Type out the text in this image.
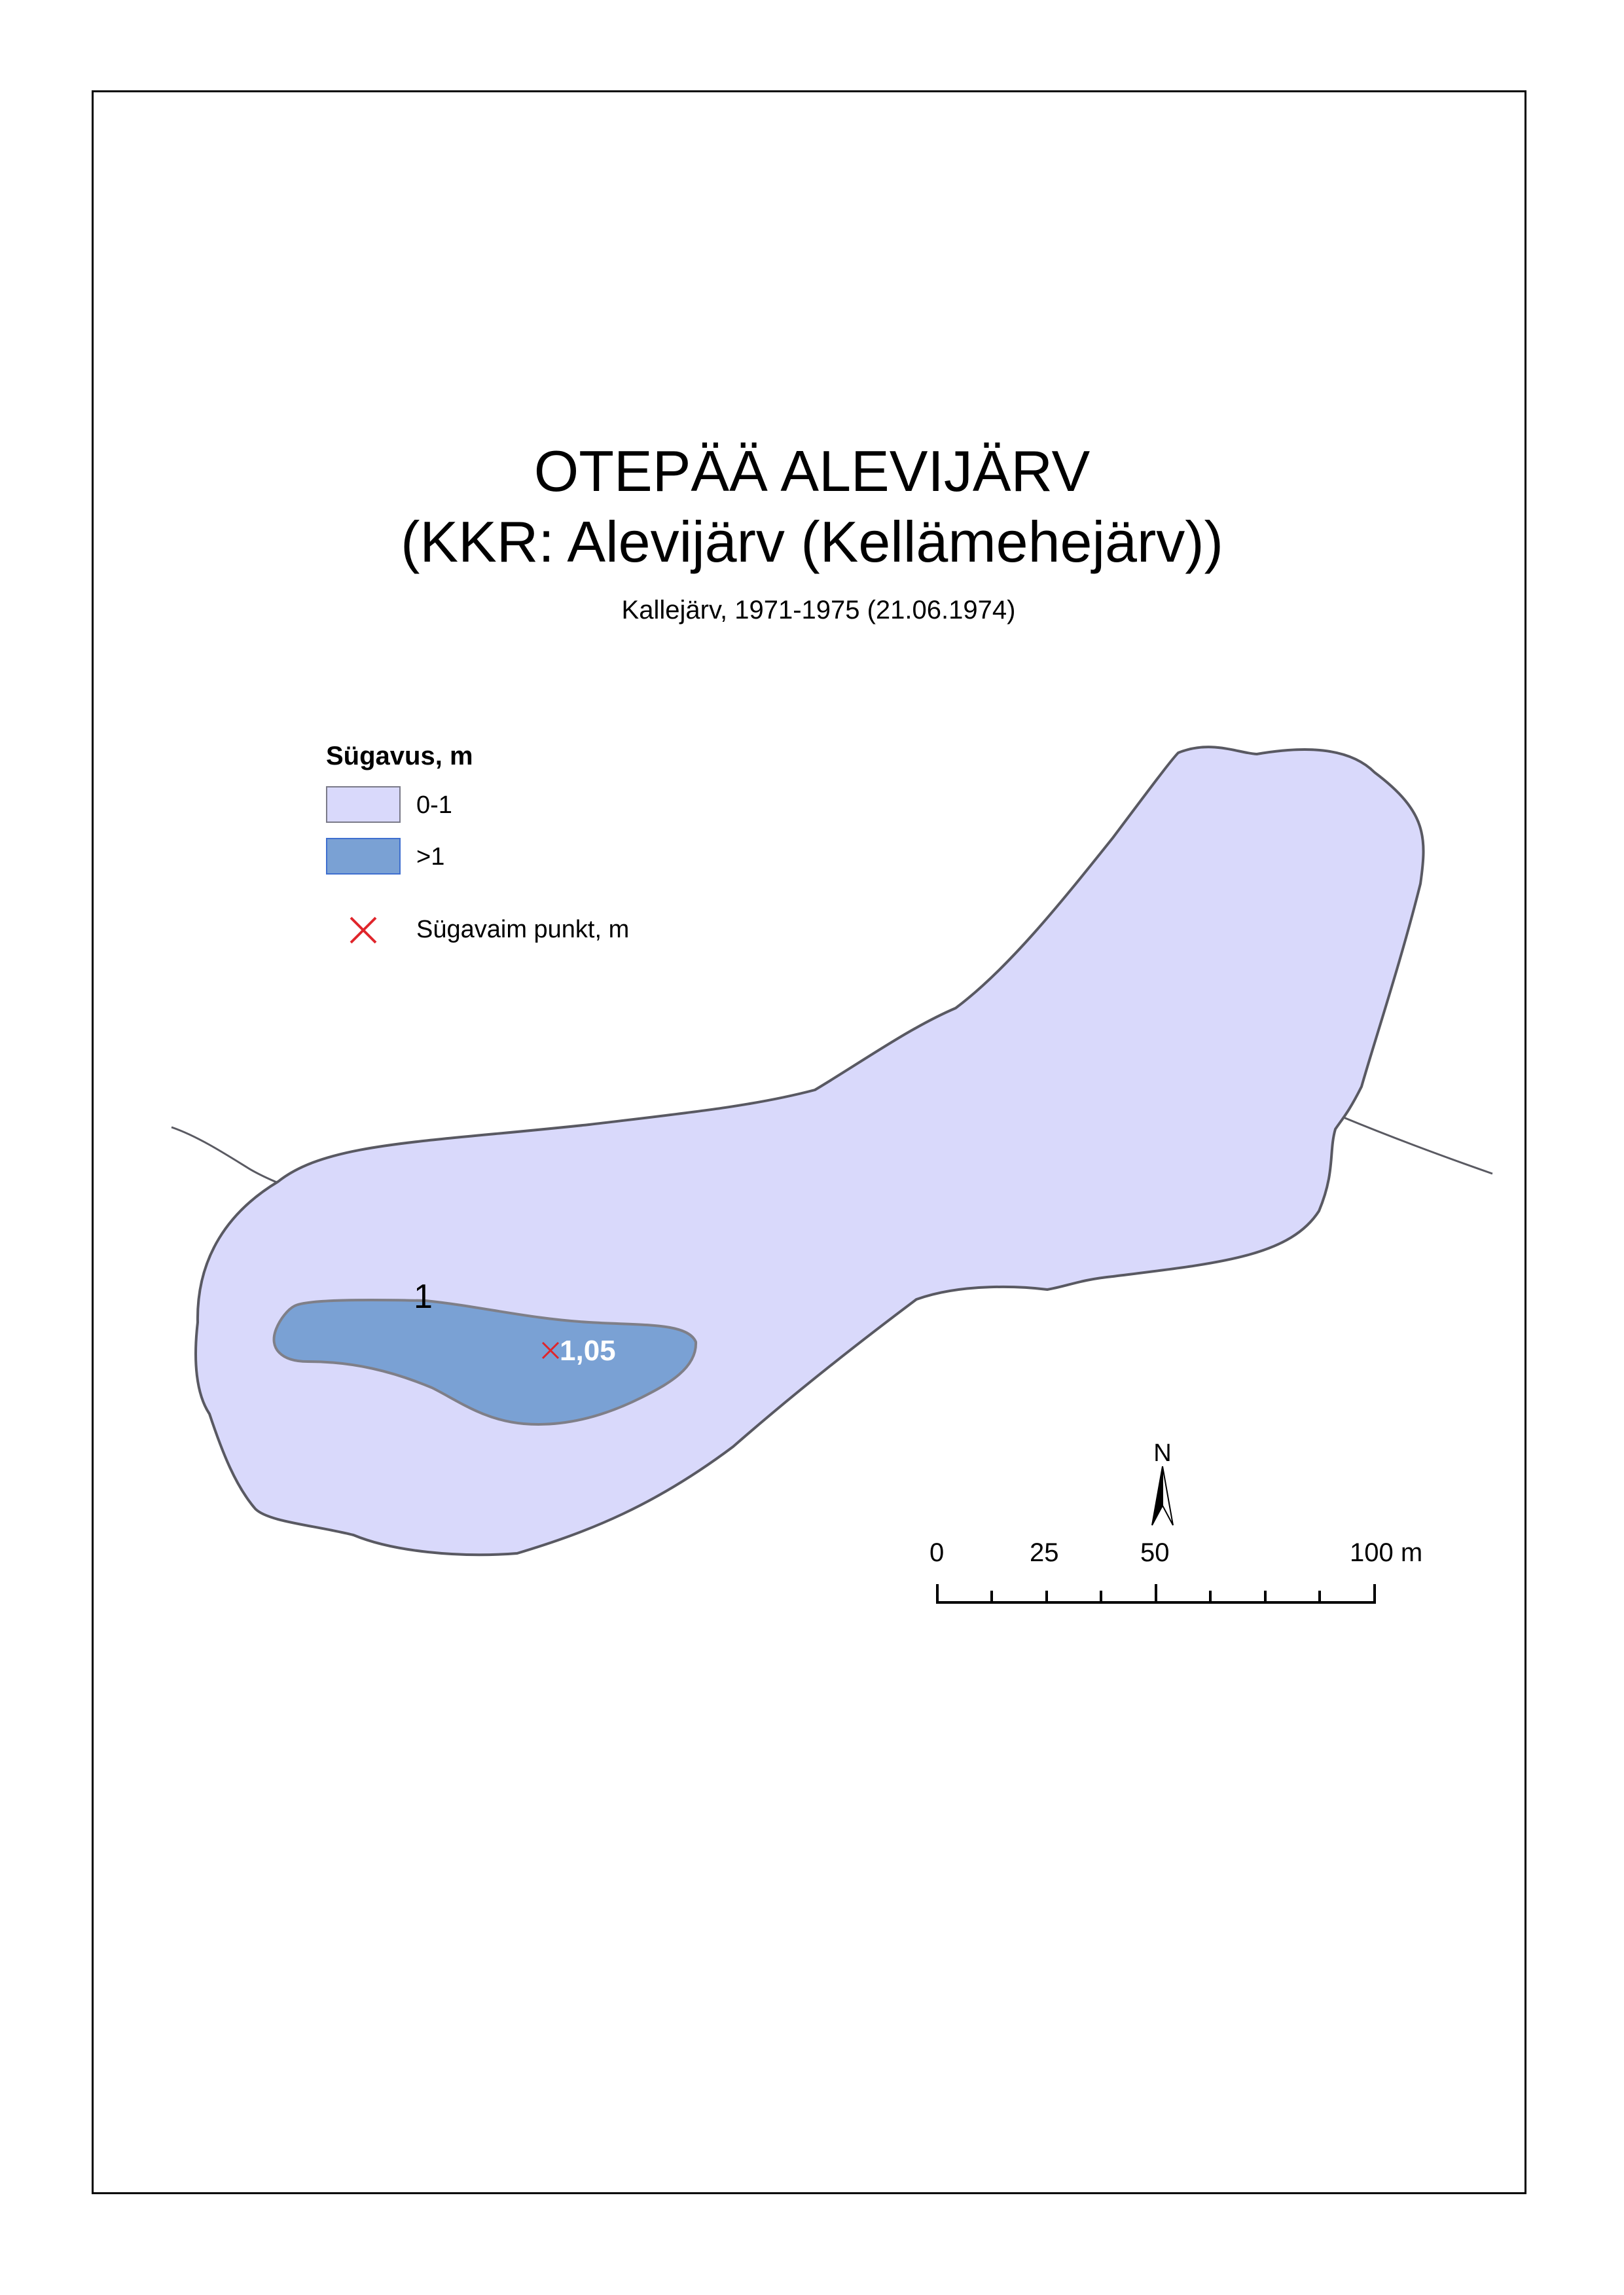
OTEPÄÄ ALEVIJÄRV
(KKR: Alevijärv (Kellämehejärv))
Kallejärv, 1971-1975 (21.06.1974)
1,05
1
N
Sügavus, m
0-1
>1
Sügavaim punkt, m
0	25	50	100 m
